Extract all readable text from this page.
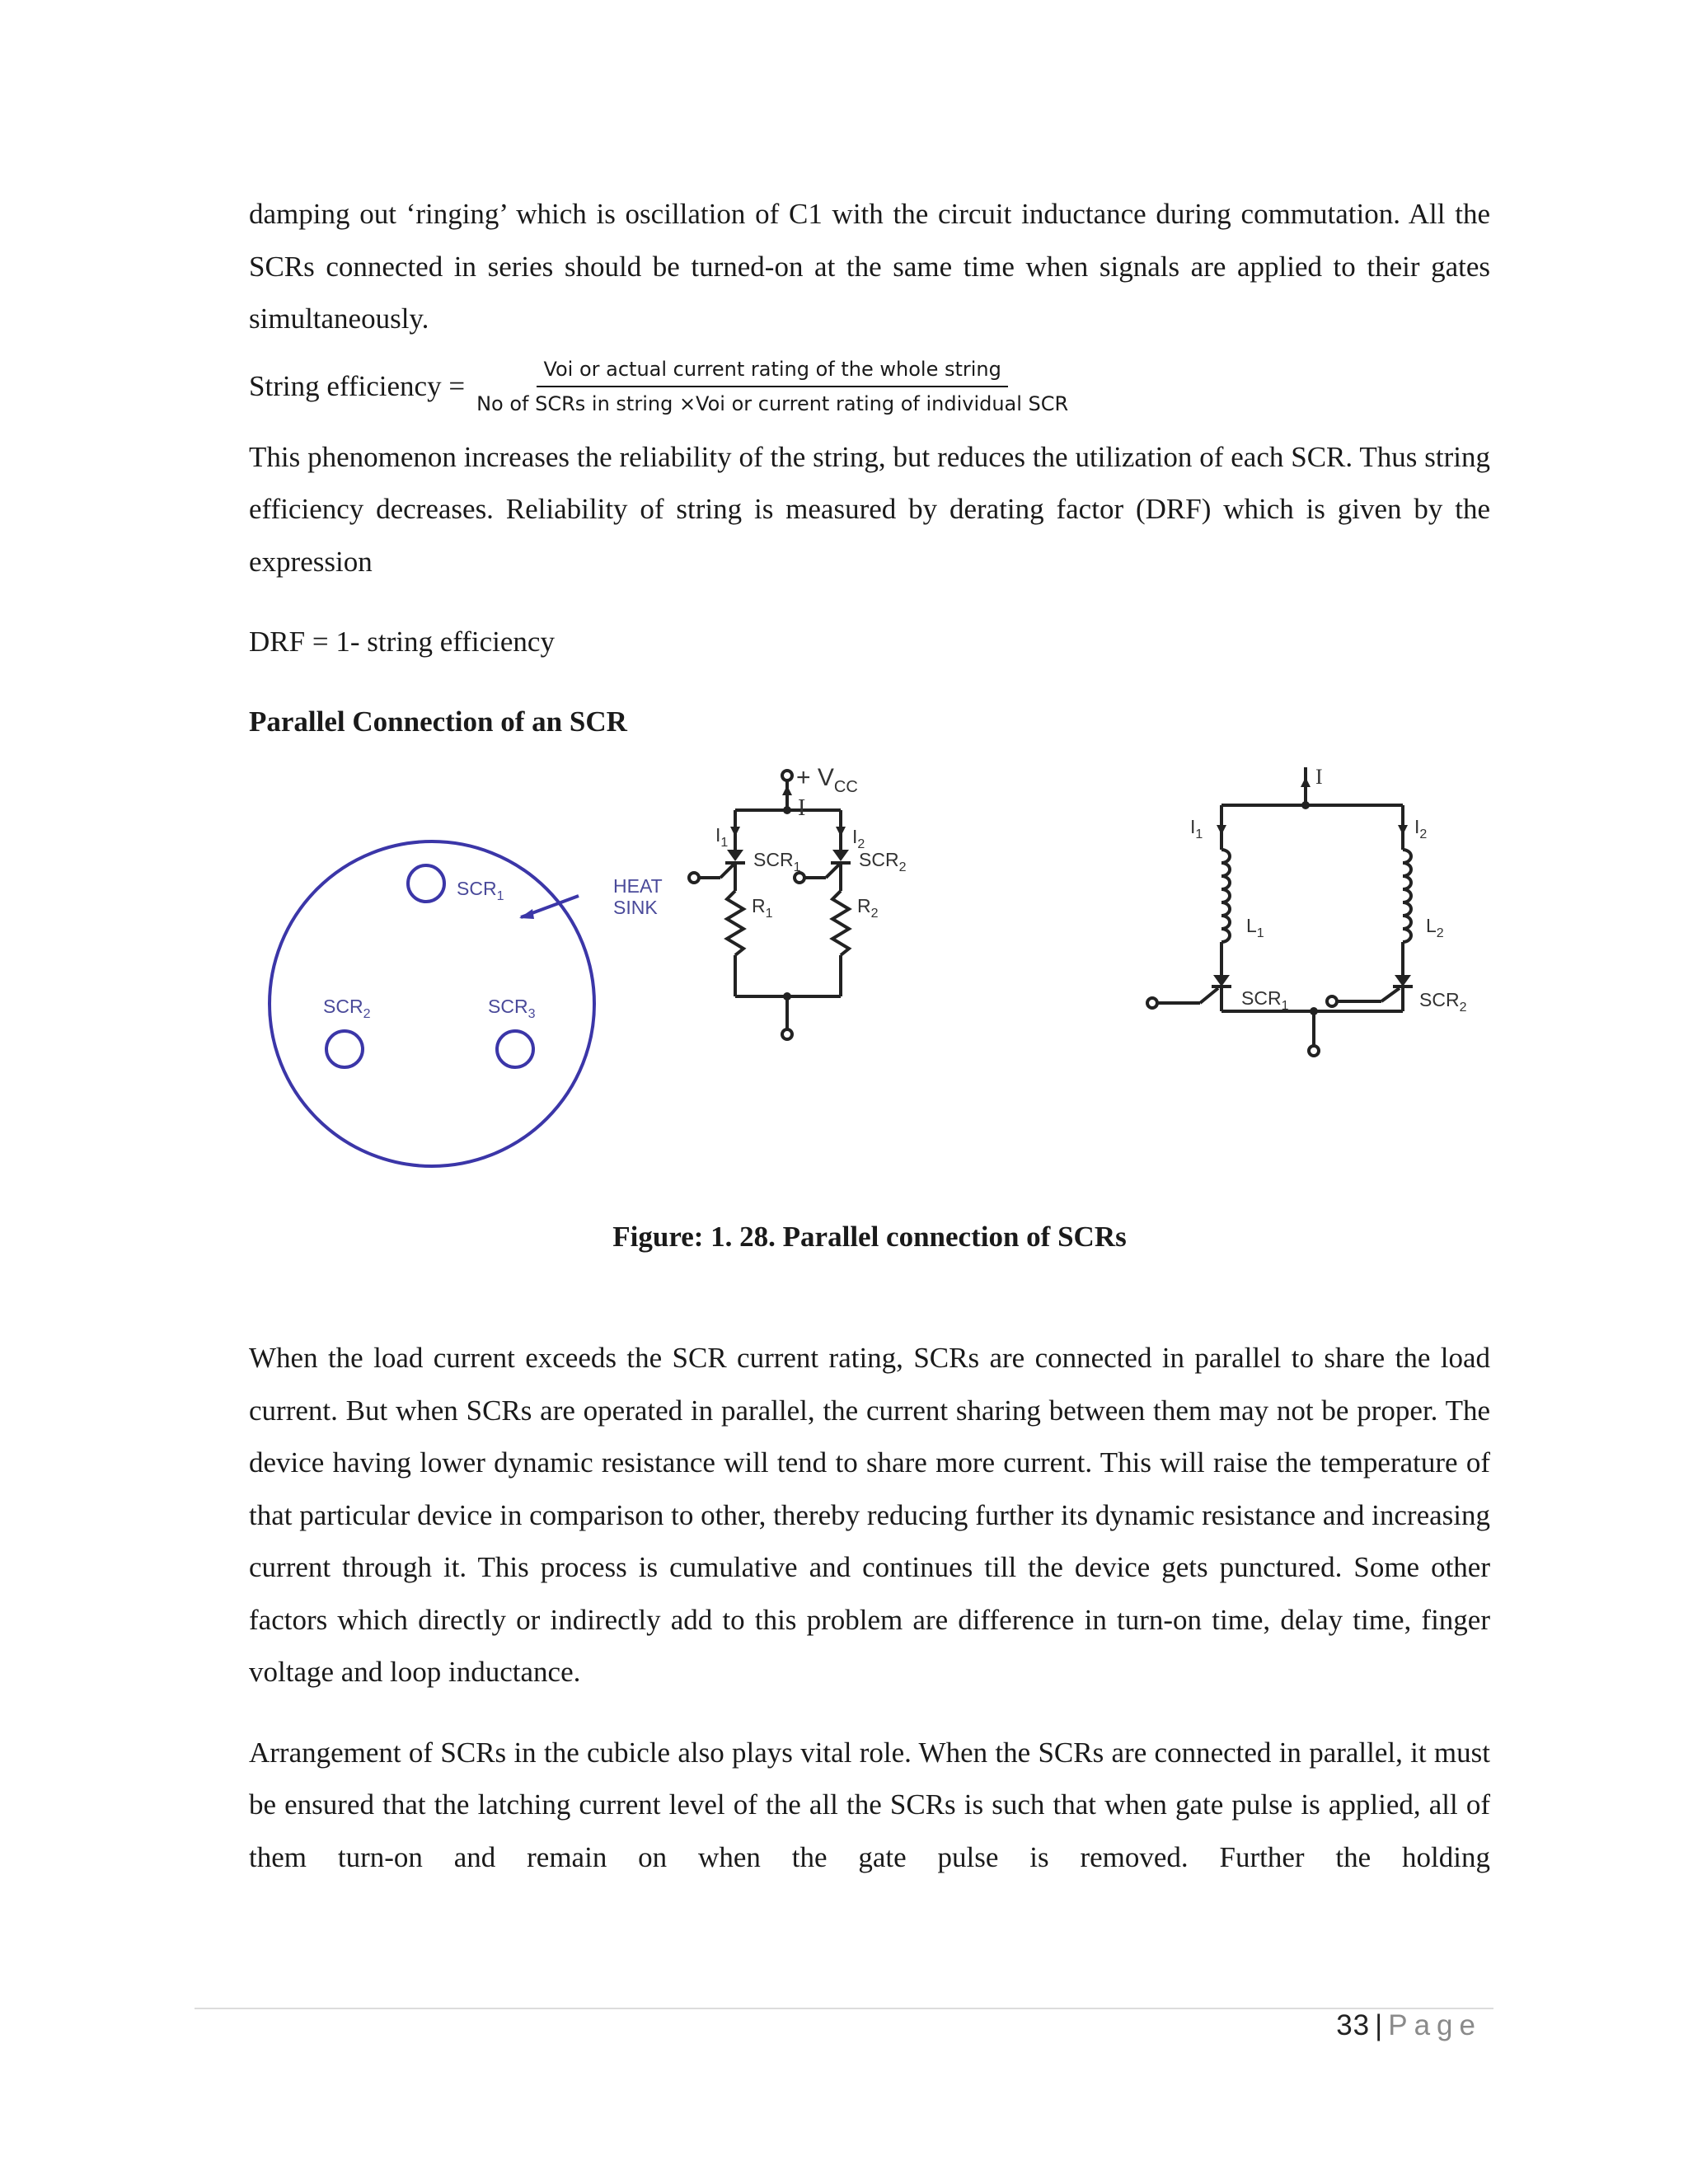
damping out ‘ringing’ which is oscillation of C1 with the circuit inductance during commutation. All the SCRs connected in series should be turned-on at the same time when signals are applied to their gates simultaneously.

String efficiency =
Voi or actual current rating of the whole string
No of SCRs in string ×Voi or current rating of individual SCR

This phenomenon increases the reliability of the string, but reduces the utilization of each SCR. Thus string efficiency decreases. Reliability of string is measured by derating factor (DRF) which is given by the expression

DRF = 1- string efficiency

Parallel Connection of an SCR

$SCR_1$
$SCR_2$	$SCR_3$
HEAT
SINK
+ $V_{CC}$
I
$I_1$	$I_2$
$SCR_1$	$SCR_2$
$R_1$	$R_2$
I
$I_1$	$I_2$
$L_1$	$L_2$
$SCR_1$	$SCR_2$

Figure: 1. 28. Parallel connection of SCRs

When the load current exceeds the SCR current rating, SCRs are connected in parallel to share the load current. But when SCRs are operated in parallel, the current sharing between them may not be proper. The device having lower dynamic resistance will tend to share more current. This will raise the temperature of that particular device in comparison to other, thereby reducing further its dynamic resistance and increasing current through it. This process is cumulative and continues till the device gets punctured. Some other factors which directly or indirectly add to this problem are difference in turn-on time, delay time, finger voltage and loop inductance.

Arrangement of SCRs in the cubicle also plays vital role. When the SCRs are connected in parallel, it must be ensured that the latching current level of the all the SCRs is such that when gate pulse is applied, all of them turn-on and remain on when the gate pulse is removed. Further the holding

33 | Page
